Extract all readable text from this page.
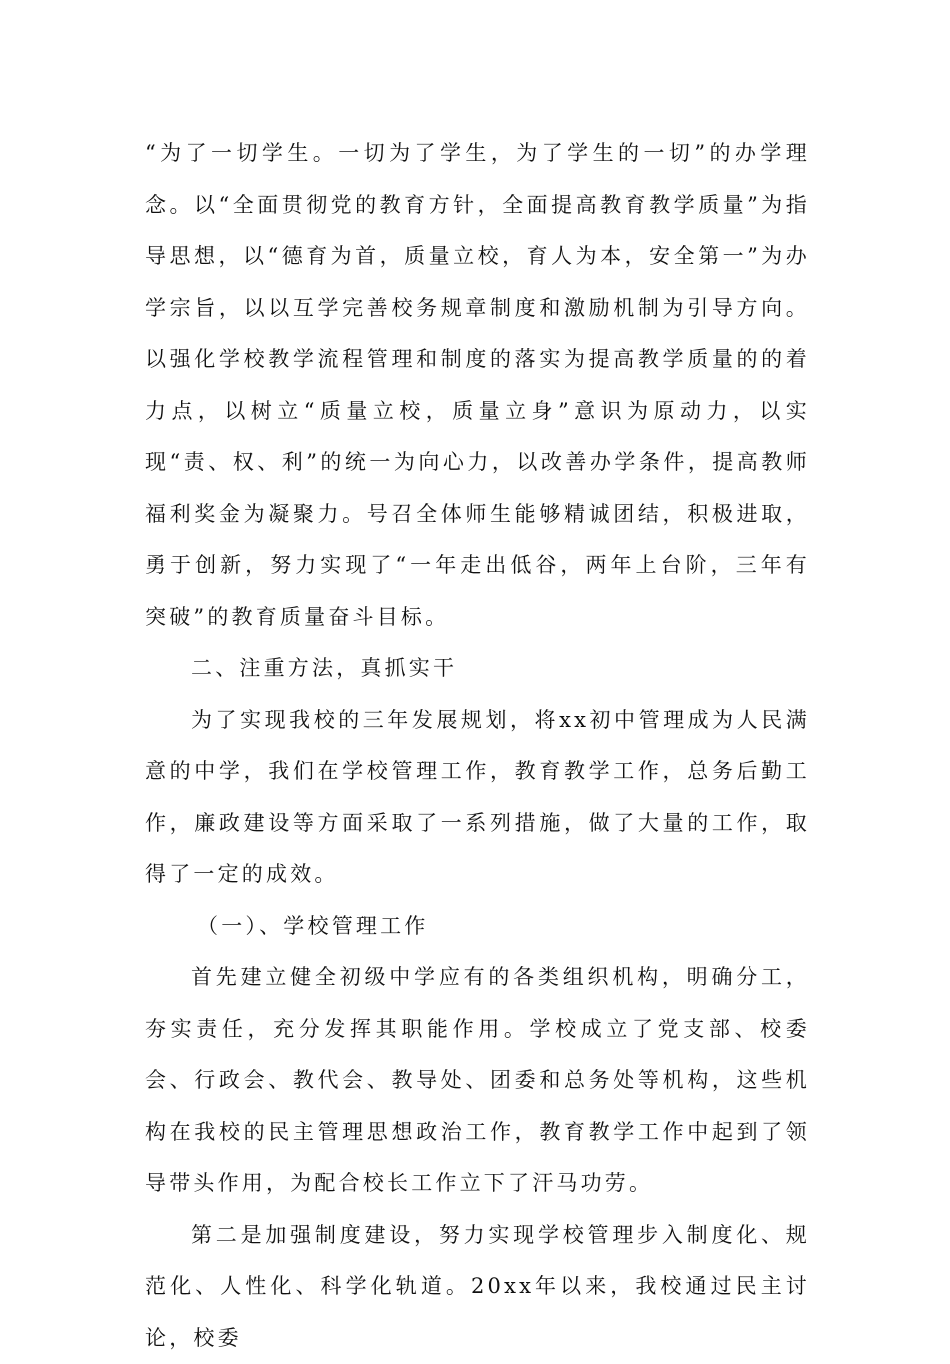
“为了一切学生。一切为了学生，为了学生的一切”的办学理念。以“全面贯彻党的教育方针，全面提高教育教学质量”为指导思想，以“德育为首，质量立校，育人为本，安全第一”为办学宗旨，以以互学完善校务规章制度和激励机制为引导方向。以强化学校教学流程管理和制度的落实为提高教学质量的的着力点，以树立“质量立校，质量立身”意识为原动力，以实现“责、权、利”的统一为向心力，以改善办学条件，提高教师福利奖金为凝聚力。号召全体师生能够精诚团结，积极进取，勇于创新，努力实现了“一年走出低谷，两年上台阶，三年有突破”的教育质量奋斗目标。

二、注重方法，真抓实干

为了实现我校的三年发展规划，将xx初中管理成为人民满意的中学，我们在学校管理工作，教育教学工作，总务后勤工作，廉政建设等方面采取了一系列措施，做了大量的工作，取得了一定的成效。

（一）、学校管理工作

首先建立健全初级中学应有的各类组织机构，明确分工，夯实责任，充分发挥其职能作用。学校成立了党支部、校委会、行政会、教代会、教导处、团委和总务处等机构，这些机构在我校的民主管理思想政治工作，教育教学工作中起到了领导带头作用，为配合校长工作立下了汗马功劳。

第二是加强制度建设，努力实现学校管理步入制度化、规范化、人性化、科学化轨道。20xx年以来，我校通过民主讨论，校委
